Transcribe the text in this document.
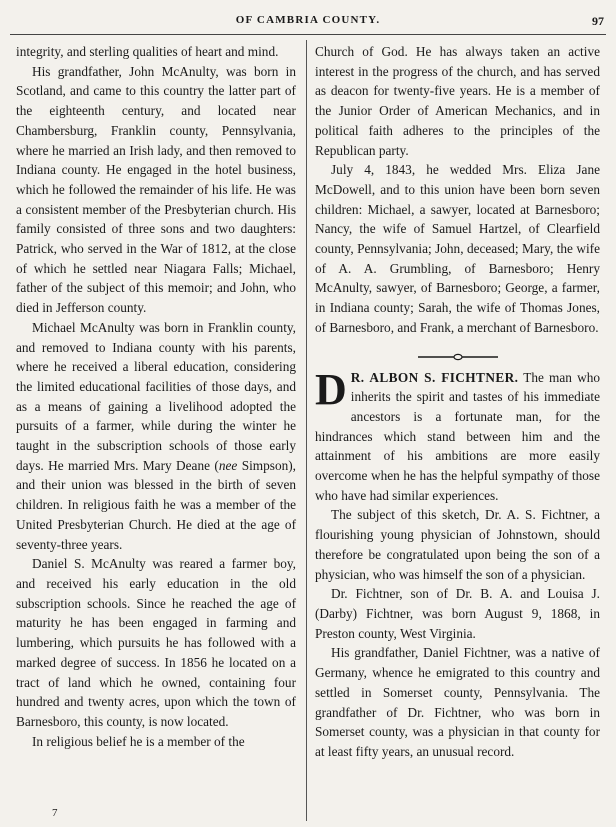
OF CAMBRIA COUNTY.	97

integrity, and sterling qualities of heart and mind.

His grandfather, John McAnulty, was born in Scotland, and came to this country the latter part of the eighteenth century, and located near Chambersburg, Franklin county, Pennsylvania, where he married an Irish lady, and then removed to Indiana county. He engaged in the hotel business, which he followed the remainder of his life. He was a consistent member of the Presbyterian church. His family consisted of three sons and two daughters: Patrick, who served in the War of 1812, at the close of which he settled near Niagara Falls; Michael, father of the subject of this memoir; and John, who died in Jefferson county.

Michael McAnulty was born in Franklin county, and removed to Indiana county with his parents, where he received a liberal education, considering the limited educational facilities of those days, and as a means of gaining a livelihood adopted the pursuits of a farmer, while during the winter he taught in the subscription schools of those early days. He married Mrs. Mary Deane (nee Simpson), and their union was blessed in the birth of seven children. In religious faith he was a member of the United Presbyterian Church. He died at the age of seventy-three years.

Daniel S. McAnulty was reared a farmer boy, and received his early education in the old subscription schools. Since he reached the age of maturity he has been engaged in farming and lumbering, which pursuits he has followed with a marked degree of success. In 1856 he located on a tract of land which he owned, containing four hundred and twenty acres, upon which the town of Barnesboro, this county, is now located.

In religious belief he is a member of the

Church of God. He has always taken an active interest in the progress of the church, and has served as deacon for twenty-five years. He is a member of the Junior Order of American Mechanics, and in political faith adheres to the principles of the Republican party.

July 4, 1843, he wedded Mrs. Eliza Jane McDowell, and to this union have been born seven children: Michael, a sawyer, located at Barnesboro; Nancy, the wife of Samuel Hartzel, of Clearfield county, Pennsylvania; John, deceased; Mary, the wife of A. A. Grumbling, of Barnesboro; Henry McAnulty, sawyer, of Barnesboro; George, a farmer, in Indiana county; Sarah, the wife of Thomas Jones, of Barnesboro, and Frank, a merchant of Barnesboro.

D R. ALBON S. FICHTNER. The man who inherits the spirit and tastes of his immediate ancestors is a fortunate man, for the hindrances which stand between him and the attainment of his ambitions are more easily overcome when he has the helpful sympathy of those who have had similar experiences.

The subject of this sketch, Dr. A. S. Fichtner, a flourishing young physician of Johnstown, should therefore be congratulated upon being the son of a physician, who was himself the son of a physician.

Dr. Fichtner, son of Dr. B. A. and Louisa J. (Darby) Fichtner, was born August 9, 1868, in Preston county, West Virginia.

His grandfather, Daniel Fichtner, was a native of Germany, whence he emigrated to this country and settled in Somerset county, Pennsylvania. The grandfather of Dr. Fichtner, who was born in Somerset county, was a physician in that county for at least fifty years, an unusual record.

7
